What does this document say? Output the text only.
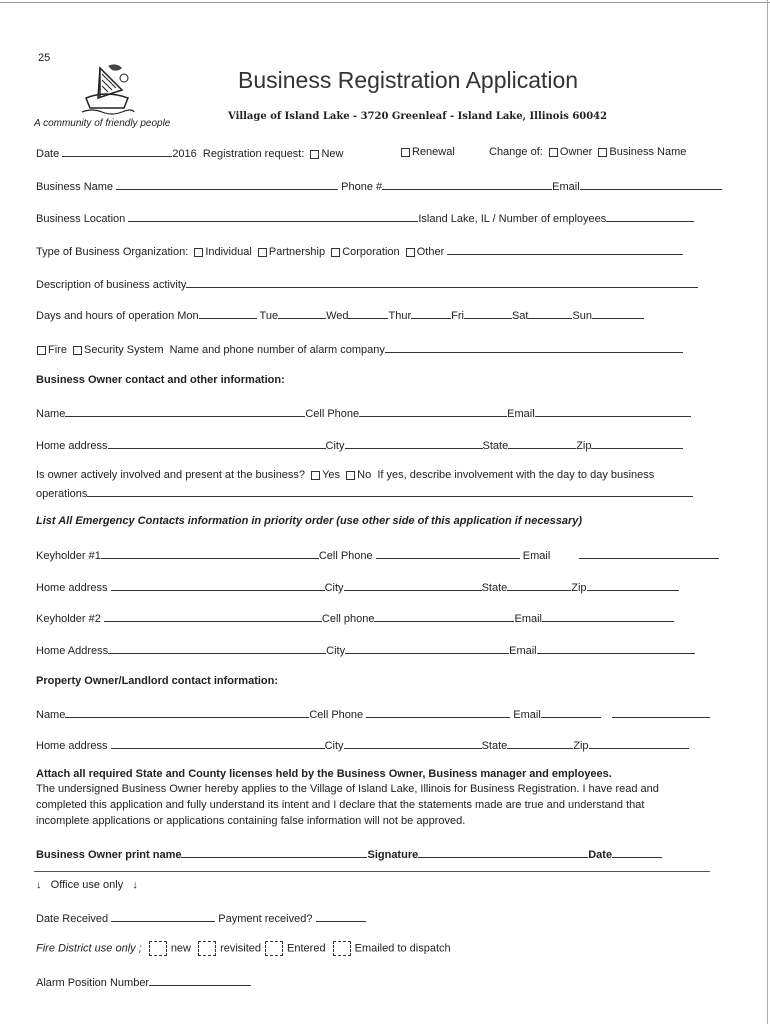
25
A community of friendly people
Business Registration Application
Village of Island Lake - 3720 Greenleaf - Island Lake, Illinois 60042
Date	2016 Registration request: New	Renewal	Change of: Owner Business Name
Business Name	Phone #	Email
Business Location	Island Lake, IL / Number of employees
Type of Business Organization: Individual Partnership Corporation Other
Description of business activity
Days and hours of operation Mon	Tue	Wed	Thur	Fri	Sat	Sun
Fire Security System Name and phone number of alarm company
Business Owner contact and other information:
Name	Cell Phone	Email
Home address	City	State	Zip
Is owner actively involved and present at the business? Yes No If yes, describe involvement with the day to day business
operations
List All Emergency Contacts information in priority order (use other side of this application if necessary)
Keyholder #1	Cell Phone	Email
Home address	City	State	Zip
Keyholder #2	Cell phone	Email
Home Address	City	Email
Property Owner/Landlord contact information:
Name	Cell Phone	Email
Home address	City	State	Zip
Attach all required State and County licenses held by the Business Owner, Business manager and employees.
The undersigned Business Owner hereby applies to the Village of Island Lake, Illinois for Business Registration. I have read and
completed this application and fully understand its intent and I declare that the statements made are true and understand that
incomplete applications or applications containing false information will not be approved.
Business Owner print name	Signature	Date
↓ Office use only ↓
Date Received	Payment received?
Fire District use only ;	new	revisited Entered	Emailed to dispatch
Alarm Position Number
